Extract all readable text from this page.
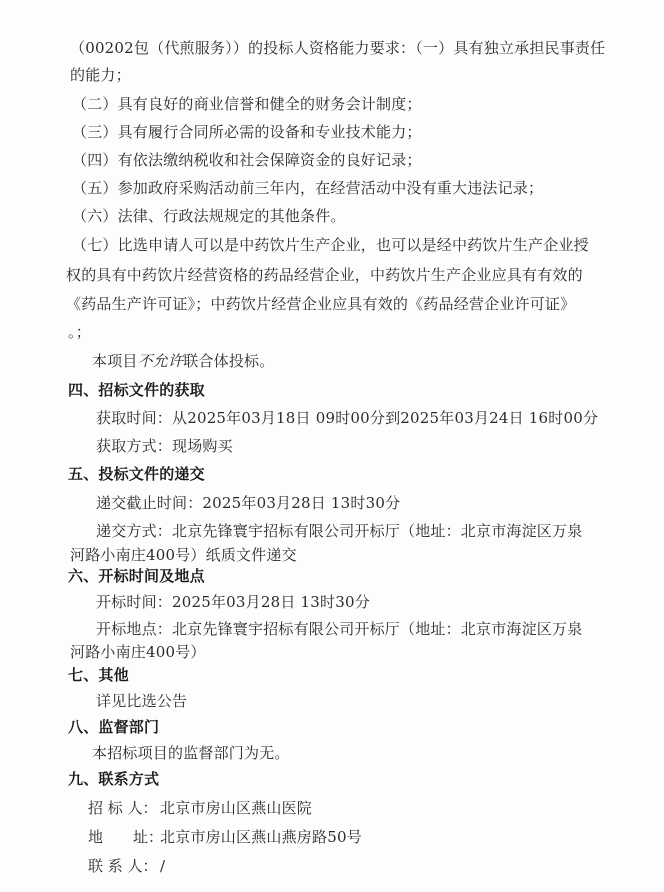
（00202包（代煎服务））的投标人资格能力要求：（一）具有独立承担民事责任
的能力；
（二）具有良好的商业信誉和健全的财务会计制度；
（三）具有履行合同所必需的设备和专业技术能力；
（四）有依法缴纳税收和社会保障资金的良好记录；
（五）参加政府采购活动前三年内，在经营活动中没有重大违法记录；
（六）法律、行政法规规定的其他条件。
（七）比选申请人可以是中药饮片生产企业，也可以是经中药饮片生产企业授
权的具有中药饮片经营资格的药品经营企业，中药饮片生产企业应具有有效的
《药品生产许可证》；中药饮片经营企业应具有效的《药品经营企业许可证》
。；
本项目不允许联合体投标。
四、招标文件的获取
获取时间：从2025年03月18日 09时00分到2025年03月24日 16时00分
获取方式：现场购买
五、投标文件的递交
递交截止时间：2025年03月28日 13时30分
递交方式：北京先锋寰宇招标有限公司开标厅（地址：北京市海淀区万泉
河路小南庄400号）纸质文件递交
六、开标时间及地点
开标时间：2025年03月28日 13时30分
开标地点：北京先锋寰宇招标有限公司开标厅（地址：北京市海淀区万泉
河路小南庄400号）
七、其他
详见比选公告
八、监督部门
本招标项目的监督部门为无。
九、联系方式
招 标 人： 北京市房山区燕山医院
地　　址：北京市房山区燕山燕房路50号
联 系 人： /
